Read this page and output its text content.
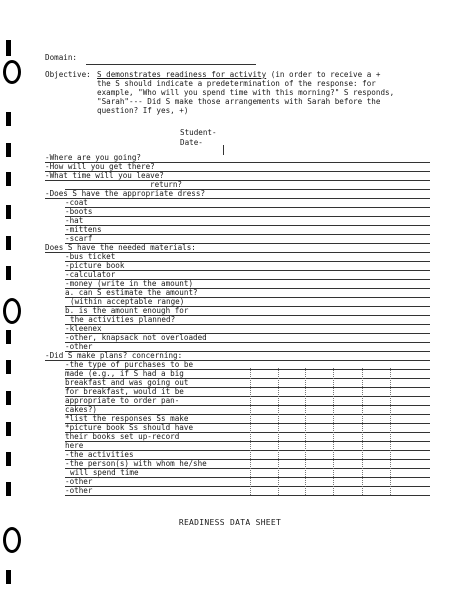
Domain:
Objective: S demonstrates readiness for activity (in order to receive a +
the S should indicate a predetermination of the response: for
example, "Who will you spend time with this morning?" S responds,
"Sarah"--- Did S make those arrangements with Sarah before the
question? If yes, +)
Student-
Date-
-Where are you going?
-How will you get there?
-What time will you leave?
return?
-Does S have the appropriate dress?
-coat
-boots
-hat
-mittens
-scarf
Does S have the needed materials:
-bus ticket
-picture book
-calculator
-money (write in the amount)
a. can S estimate the amount?
(within acceptable range)
b. is the amount enough for
the activities planned?
-kleenex
-other, knapsack not overloaded
-other
-Did S make plans? concerning:
-the type of purchases to be
made (e.g., if S had a big
breakfast and was going out
for breakfast, would it be
appropriate to order pan-
cakes?)
*list the responses Ss make
*picture book Ss should have
their books set up-record
here
-the activities
-the person(s) with whom he/she
will spend time
-other
-other
READINESS DATA SHEET
